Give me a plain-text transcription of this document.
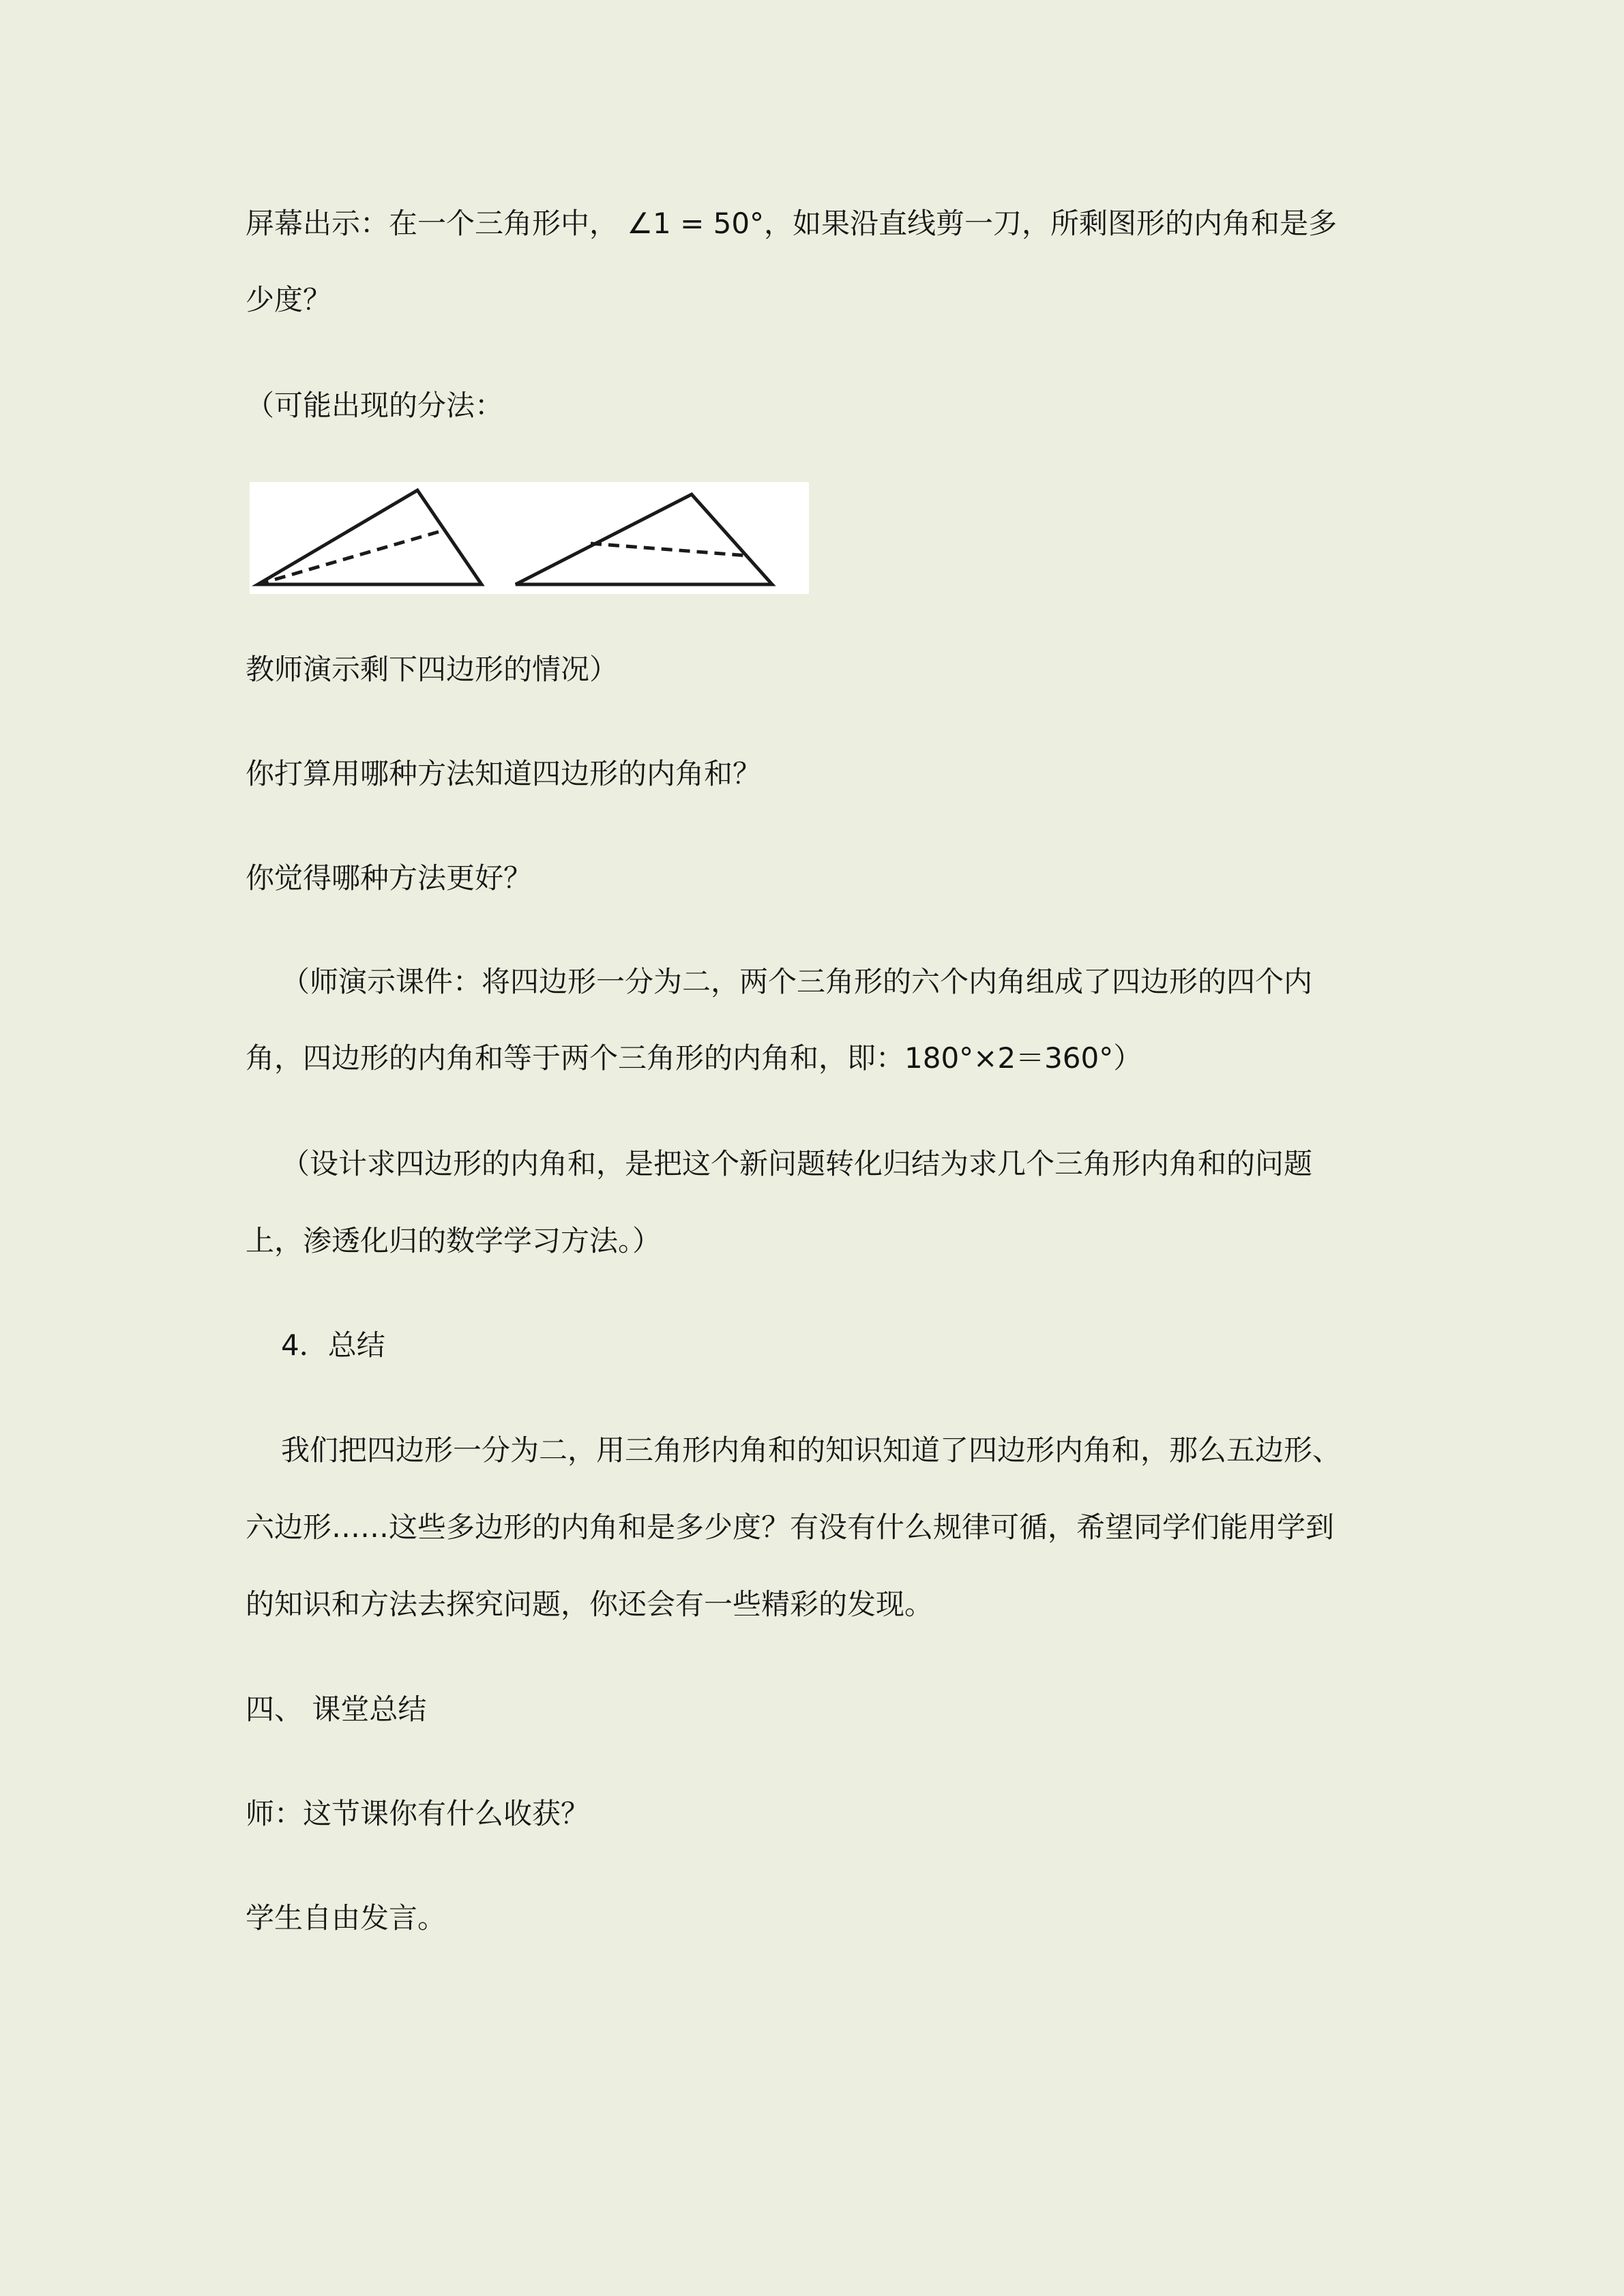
屏幕出示：在一个三角形中， ∠1 = 50°，如果沿直线剪一刀，所剩图形的内角和是多
少度？
（可能出现的分法：
教师演示剩下四边形的情况）
你打算用哪种方法知道四边形的内角和？
你觉得哪种方法更好？
（师演示课件：将四边形一分为二，两个三角形的六个内角组成了四边形的四个内
角，四边形的内角和等于两个三角形的内角和，即：180°×2＝360°）
（设计求四边形的内角和，是把这个新问题转化归结为求几个三角形内角和的问题
上，渗透化归的数学学习方法。）
4．总结
我们把四边形一分为二，用三角形内角和的知识知道了四边形内角和，那么五边形、
六边形……这些多边形的内角和是多少度？有没有什么规律可循，希望同学们能用学到
的知识和方法去探究问题，你还会有一些精彩的发现。
四、 课堂总结
师：这节课你有什么收获？
学生自由发言。
